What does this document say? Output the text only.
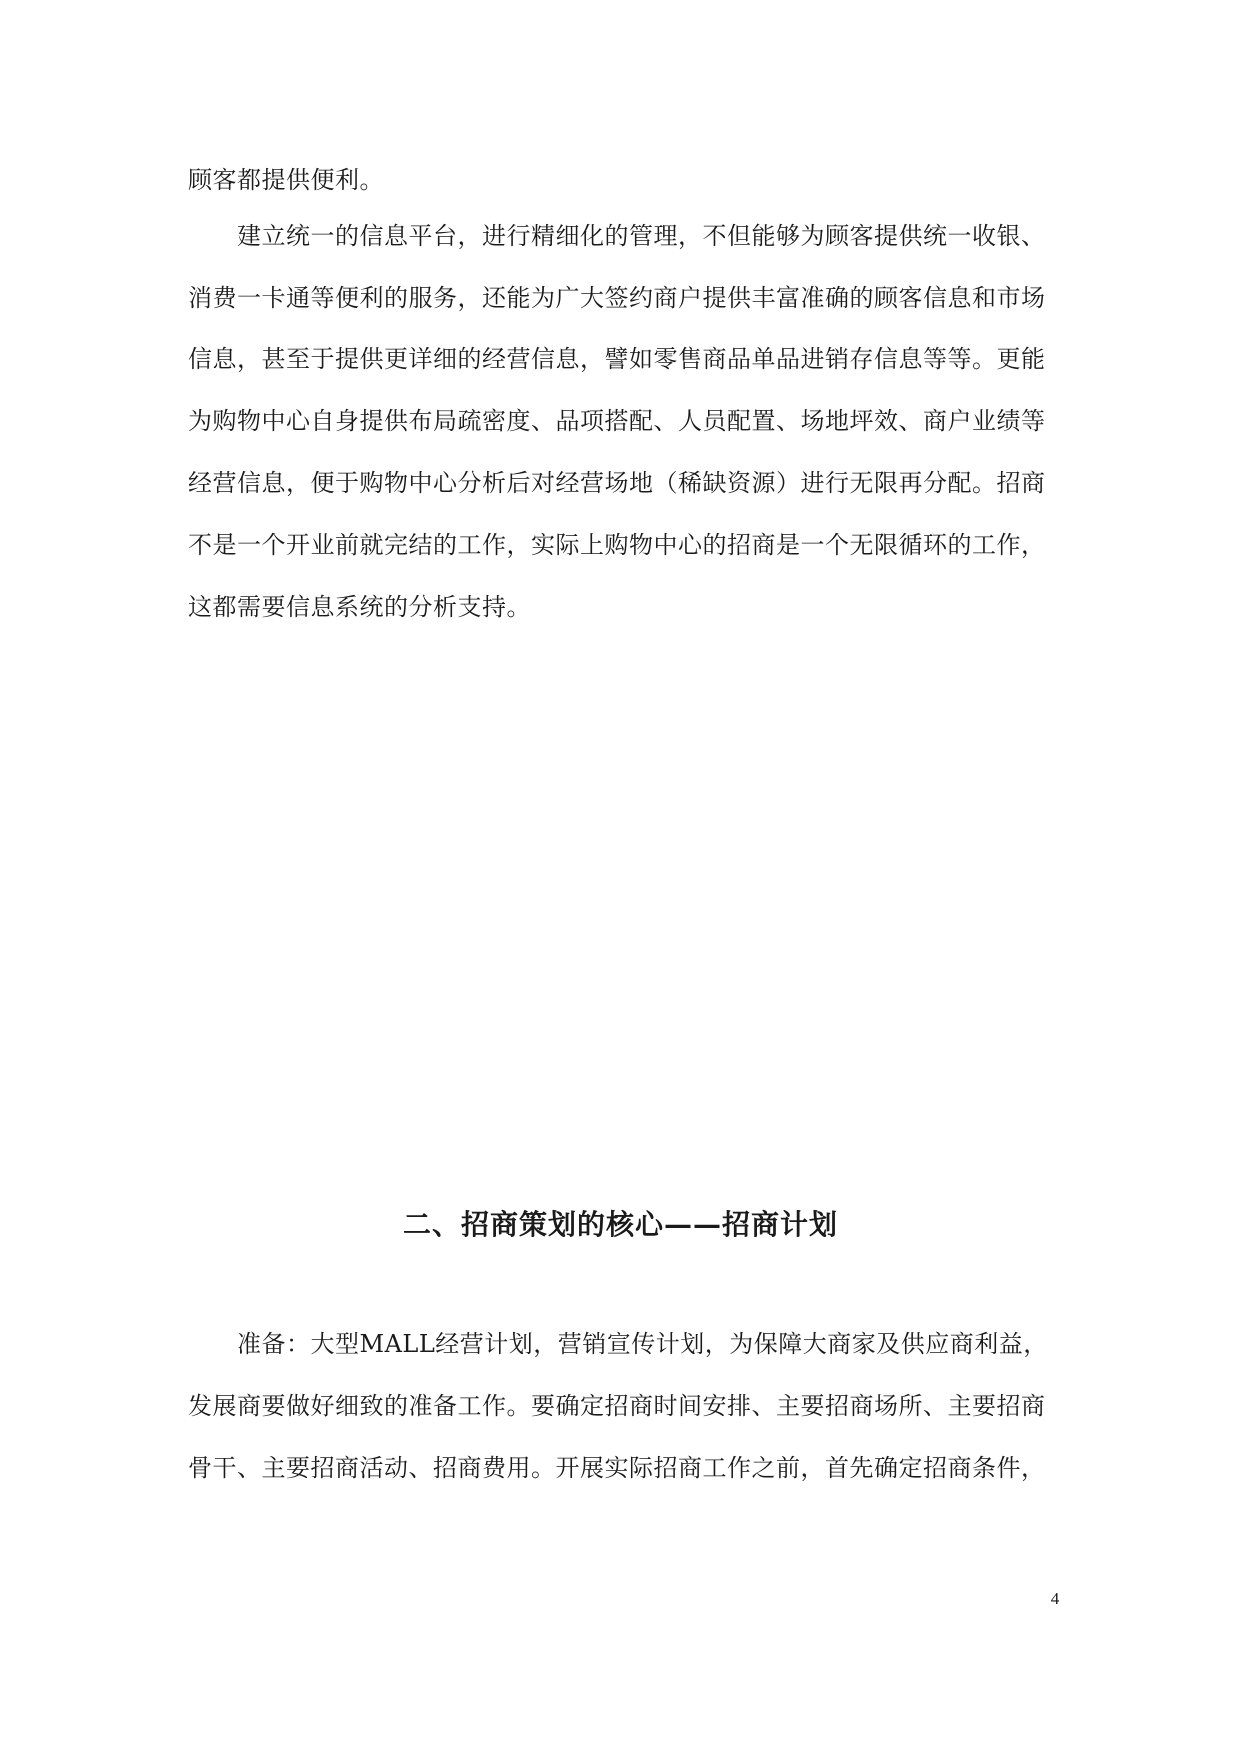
顾客都提供便利。
建立统一的信息平台，进行精细化的管理，不但能够为顾客提供统一收银、
消费一卡通等便利的服务，还能为广大签约商户提供丰富准确的顾客信息和市场
信息，甚至于提供更详细的经营信息，譬如零售商品单品进销存信息等等。更能
为购物中心自身提供布局疏密度、品项搭配、人员配置、场地坪效、商户业绩等
经营信息，便于购物中心分析后对经营场地（稀缺资源）进行无限再分配。招商
不是一个开业前就完结的工作，实际上购物中心的招商是一个无限循环的工作，
这都需要信息系统的分析支持。
二、招商策划的核心——招商计划
准备：大型MALL经营计划，营销宣传计划，为保障大商家及供应商利益，
发展商要做好细致的准备工作。要确定招商时间安排、主要招商场所、主要招商
骨干、主要招商活动、招商费用。开展实际招商工作之前，首先确定招商条件，
4
